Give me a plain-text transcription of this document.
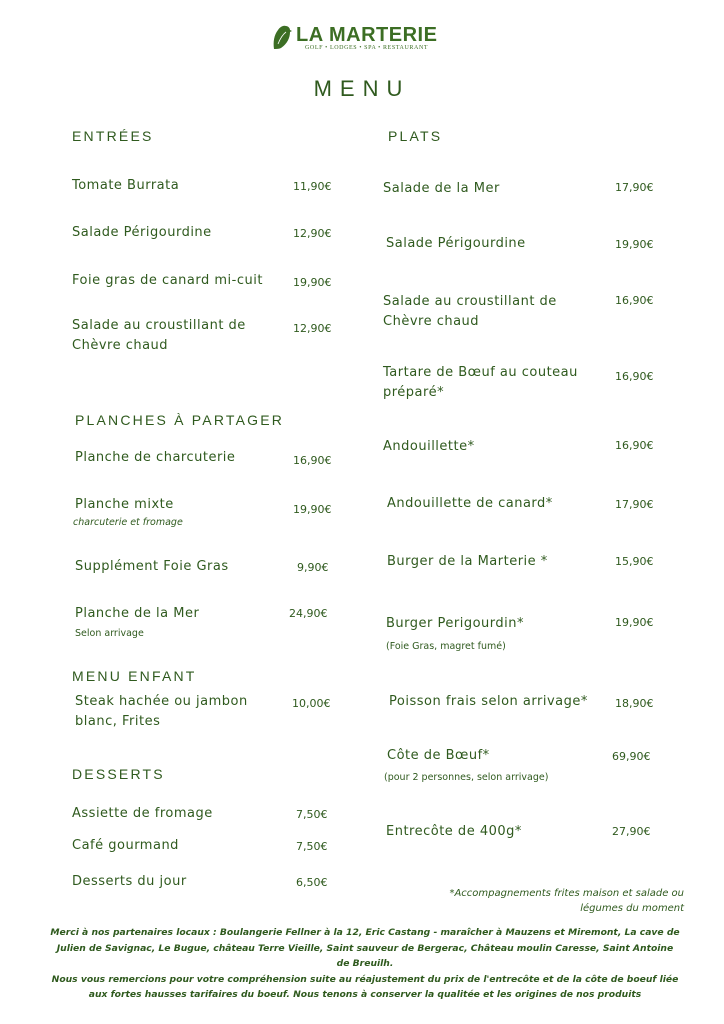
LA MARTERIE
GOLF • LODGES • SPA • RESTAURANT
MENU
ENTRÉES
Tomate Burrata	11,90€
Salade Périgourdine	12,90€
Foie gras de canard mi-cuit	19,90€
Salade au croustillant de Chèvre chaud
12,90€
PLANCHES À PARTAGER
Planche de charcuterie	16,90€
Planche mixte
charcuterie et fromage
19,90€
Supplément Foie Gras	9,90€
Planche de la Mer
Selon arrivage
24,90€
MENU ENFANT
Steak hachée ou jambon blanc, Frites
10,00€
DESSERTS
Assiette de fromage	7,50€
Café gourmand	7,50€
Desserts du jour	6,50€
PLATS
Salade de la Mer	17,90€
Salade Périgourdine	19,90€
Salade au croustillant de Chèvre chaud
16,90€
Tartare de Bœuf au couteau préparé*
16,90€
Andouillette*	16,90€
Andouillette de canard*	17,90€
Burger de la Marterie *	15,90€
Burger Perigourdin*
(Foie Gras, magret fumé)
19,90€
Poisson frais selon arrivage* 18,90€
Côte de Bœuf*
(pour 2 personnes, selon arrivage)
69,90€
Entrecôte de 400g*	27,90€
*Accompagnements frites maison et salade ou
légumes du moment

Merci à nos partenaires locaux : Boulangerie Fellner à la 12, Eric Castang - maraîcher à Mauzens et Miremont, La cave de Julien de Savignac, Le Bugue, château Terre Vieille, Saint sauveur de Bergerac, Château moulin Caresse, Saint Antoine de Breuilh.

Nous vous remercions pour votre compréhension suite au réajustement du prix de l'entrecôte et de la côte de boeuf liée aux fortes hausses tarifaires du boeuf. Nous tenons à conserver la qualitée et les origines de nos produits
